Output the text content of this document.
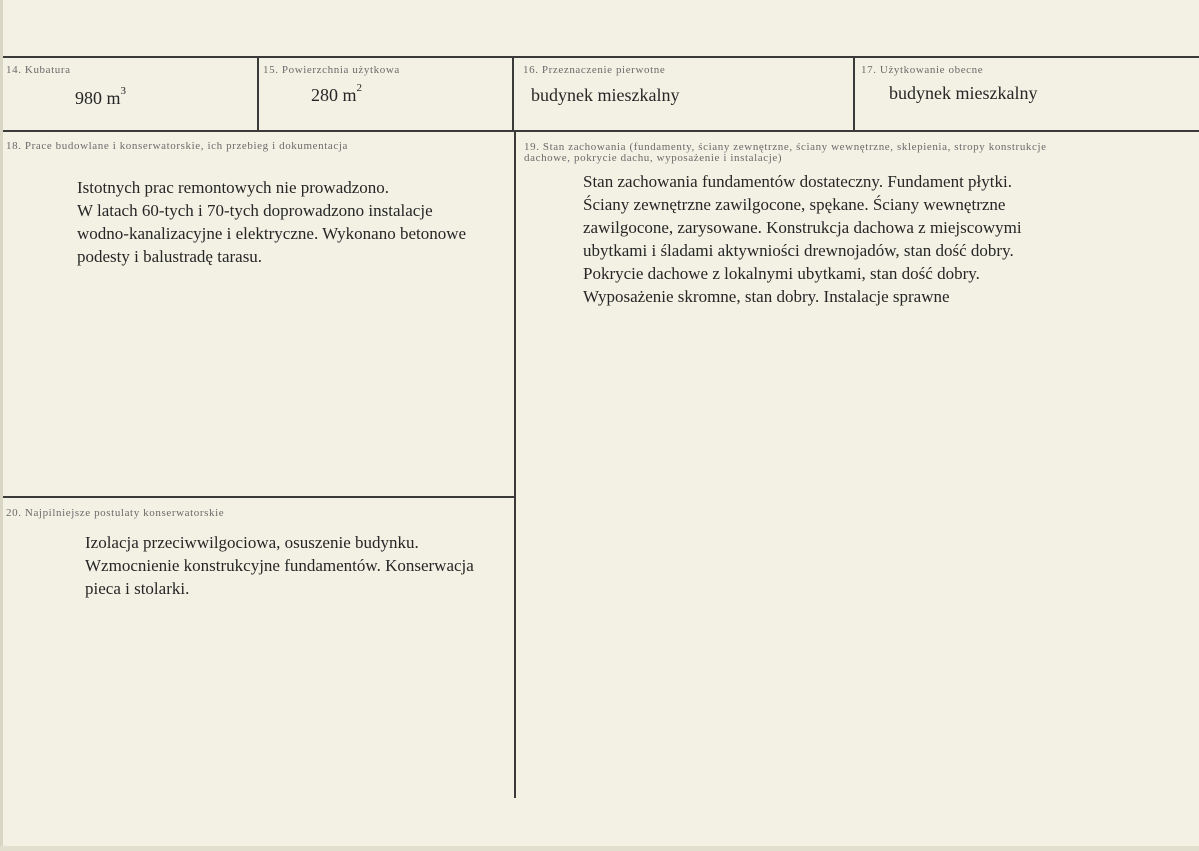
14. Kubatura
980 $m^3$
15. Powierzchnia użytkowa
280 $m^2$
16. Przeznaczenie pierwotne
budynek mieszkalny
17. Użytkowanie obecne
budynek mieszkalny
18. Prace budowlane i konserwatorskie, ich przebieg i dokumentacja
Istotnych prac remontowych nie prowadzono.
W latach 60-tych i 70-tych doprowadzono instalacje
wodno-kanalizacyjne i elektryczne. Wykonano betonowe
podesty i balustradę tarasu.
19. Stan zachowania (fundamenty, ściany zewnętrzne, ściany wewnętrzne, sklepienia, stropy konstrukcje dachowe, pokrycie dachu, wyposażenie i instalacje)
Stan zachowania fundamentów dostateczny. Fundament płytki.
Ściany zewnętrzne zawilgocone, spękane. Ściany wewnętrzne
zawilgocone, zarysowane. Konstrukcja dachowa z miejscowymi
ubytkami i śladami aktywniości drewnojadów, stan dość dobry.
Pokrycie dachowe z lokalnymi ubytkami, stan dość dobry.
Wyposażenie skromne, stan dobry. Instalacje sprawne
20. Najpilniejsze postulaty konserwatorskie
Izolacja przeciwwilgociowa, osuszenie budynku.
Wzmocnienie konstrukcyjne fundamentów. Konserwacja
pieca i stolarki.
